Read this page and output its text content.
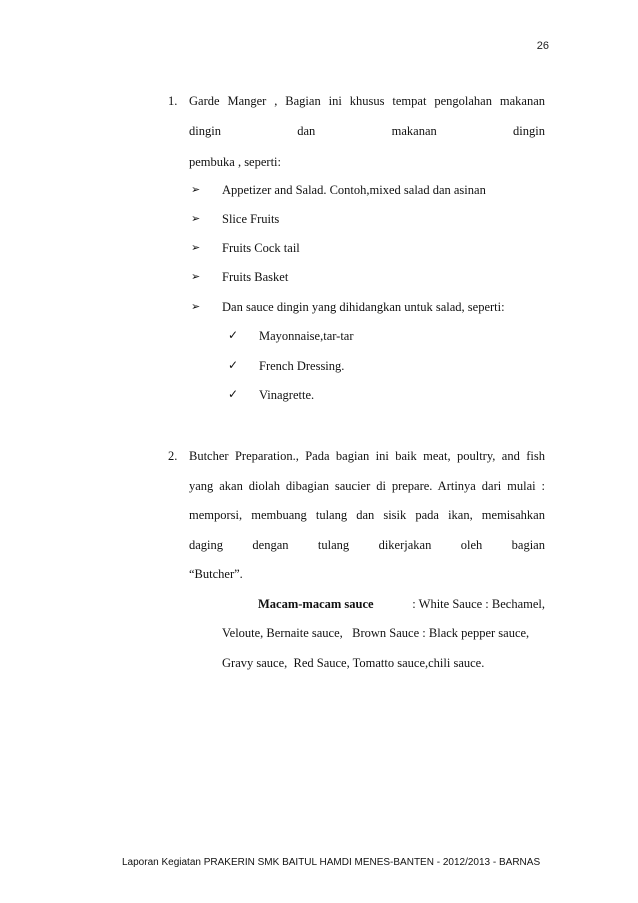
26
1. Garde Manger , Bagian ini khusus tempat pengolahan makanan
dingin dan makanan dingin
pembuka , seperti:
➢ Appetizer and Salad. Contoh,mixed salad dan asinan
➢ Slice Fruits
➢ Fruits Cock tail
➢ Fruits Basket
➢ Dan sauce dingin yang dihidangkan untuk salad, seperti:
✓ Mayonnaise,tar-tar
✓ French Dressing.
✓ Vinagrette.
2. Butcher Preparation., Pada bagian ini baik meat, poultry, and fish
yang akan diolah dibagian saucier di prepare. Artinya dari mulai :
memporsi, membuang tulang dan sisik pada ikan, memisahkan
daging dengan tulang dikerjakan oleh bagian
“Butcher”.
Macam-macam sauce	: White Sauce : Bechamel,
Veloute, Bernaite sauce,   Brown Sauce : Black pepper sauce,
Gravy sauce,  Red Sauce, Tomatto sauce,chili sauce.
Laporan Kegiatan PRAKERIN SMK BAITUL HAMDI MENES-BANTEN - 2012/2013 - BARNAS
